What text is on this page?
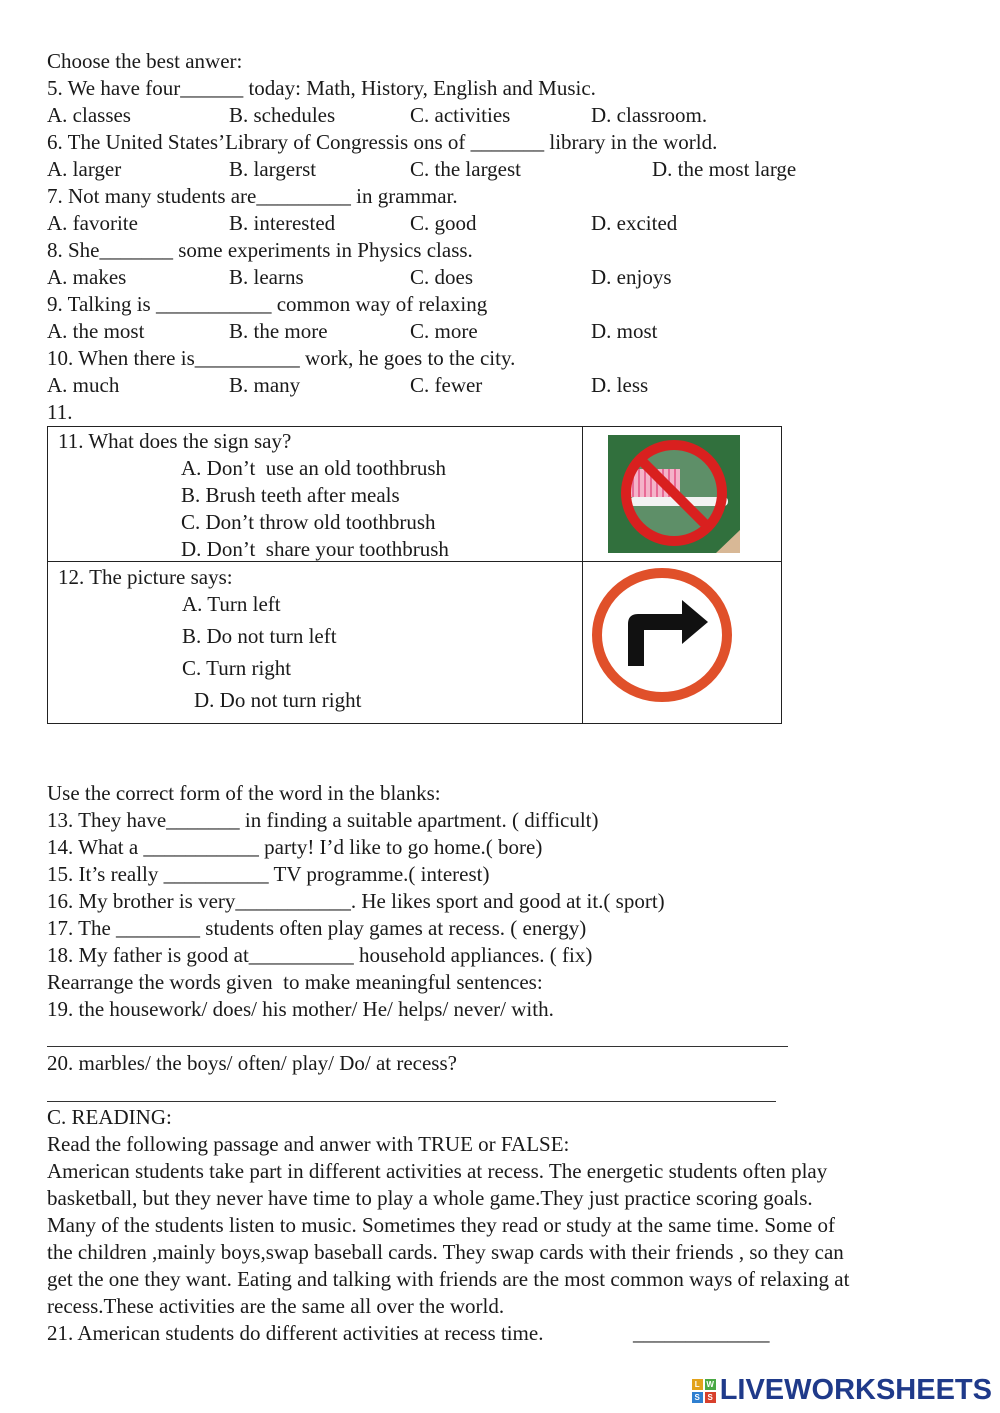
Choose the best anwer:
5. We have four______ today: Math, History, English and Music.
A. classes	B. schedules	C. activities	D. classroom.
6. The United States’Library of Congressis ons of _______ library in the world.
A. larger	B. largerst	C. the largest	D. the most large
7. Not many students are_________ in grammar.
A. favorite	B. interested	C. good	D. excited
8. She_______ some experiments in Physics class.
A. makes	B. learns	C. does	D. enjoys
9. Talking is ___________ common way of relaxing
A. the most	B. the more	C. more	D. most
10. When there is__________ work, he goes to the city.
A. much	B. many	C. fewer	D. less
11.
11. What does the sign say?
A. Don’t  use an old toothbrush
B. Brush teeth after meals
C. Don’t throw old toothbrush
D. Don’t  share your toothbrush

12. The picture says:
A. Turn left
B. Do not turn left
C. Turn right
D. Do not turn right

Use the correct form of the word in the blanks:
13. They have_______ in finding a suitable apartment. ( difficult)
14. What a ___________ party! I’d like to go home.( bore)
15. It’s really __________ TV programme.( interest)
16. My brother is very___________. He likes sport and good at it.( sport)
17. The ________ students often play games at recess. ( energy)
18. My father is good at__________ household appliances. ( fix)
Rearrange the words given  to make meaningful sentences:
19. the housework/ does/ his mother/ He/ helps/ never/ with.
20. marbles/ the boys/ often/ play/ Do/ at recess?
C. READING:
Read the following passage and anwer with TRUE or FALSE:
American students take part in different activities at recess. The energetic students often play
basketball, but they never have time to play a whole game.They just practice scoring goals.
Many of the students listen to music. Sometimes they read or study at the same time. Some of
the children ,mainly boys,swap baseball cards. They swap cards with their friends , so they can
get the one they want. Eating and talking with friends are the most common ways of relaxing at
recess.These activities are the same all over the world.
21. American students do different activities at recess time.	_____________
L W
S S LIVEWORKSHEETS
